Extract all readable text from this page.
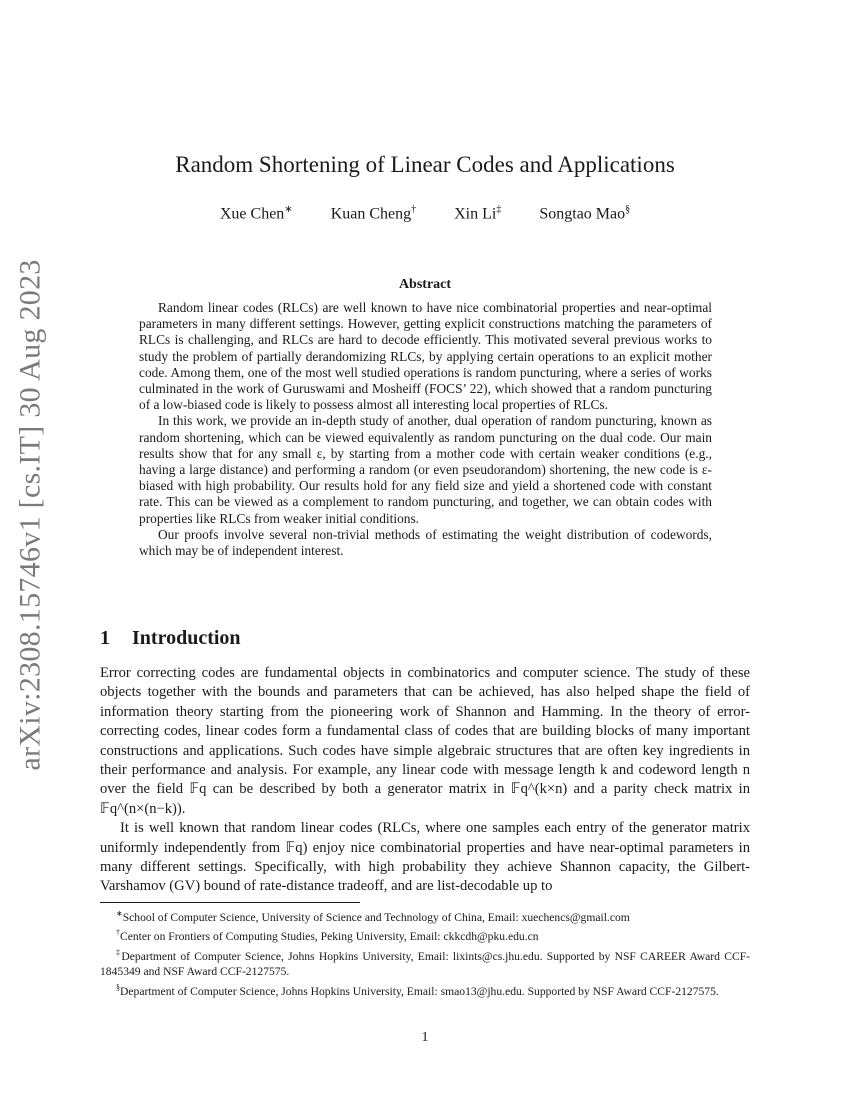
arXiv:2308.15746v1 [cs.IT] 30 Aug 2023
Random Shortening of Linear Codes and Applications
Xue Chen∗ Kuan Cheng† Xin Li‡ Songtao Mao§
Abstract

Random linear codes (RLCs) are well known to have nice combinatorial properties and near-optimal parameters in many different settings. However, getting explicit constructions matching the parameters of RLCs is challenging, and RLCs are hard to decode efficiently. This motivated several previous works to study the problem of partially derandomizing RLCs, by applying certain operations to an explicit mother code. Among them, one of the most well studied operations is random puncturing, where a series of works culminated in the work of Guruswami and Mosheiff (FOCS’ 22), which showed that a random puncturing of a low-biased code is likely to possess almost all interesting local properties of RLCs.

In this work, we provide an in-depth study of another, dual operation of random puncturing, known as random shortening, which can be viewed equivalently as random puncturing on the dual code. Our main results show that for any small ε, by starting from a mother code with certain weaker conditions (e.g., having a large distance) and performing a random (or even pseudorandom) shortening, the new code is ε-biased with high probability. Our results hold for any field size and yield a shortened code with constant rate. This can be viewed as a complement to random puncturing, and together, we can obtain codes with properties like RLCs from weaker initial conditions.

Our proofs involve several non-trivial methods of estimating the weight distribution of codewords, which may be of independent interest.

1 Introduction

Error correcting codes are fundamental objects in combinatorics and computer science. The study of these objects together with the bounds and parameters that can be achieved, has also helped shape the field of information theory starting from the pioneering work of Shannon and Hamming. In the theory of error-correcting codes, linear codes form a fundamental class of codes that are building blocks of many important constructions and applications. Such codes have simple algebraic structures that are often key ingredients in their performance and analysis. For example, any linear code with message length k and codeword length n over the field 𝔽q can be described by both a generator matrix in 𝔽q^(k×n) and a parity check matrix in 𝔽q^(n×(n−k)).

It is well known that random linear codes (RLCs, where one samples each entry of the generator matrix uniformly independently from 𝔽q) enjoy nice combinatorial properties and have near-optimal parameters in many different settings. Specifically, with high probability they achieve Shannon capacity, the Gilbert-Varshamov (GV) bound of rate-distance tradeoff, and are list-decodable up to

∗School of Computer Science, University of Science and Technology of China, Email: xuechencs@gmail.com

†Center on Frontiers of Computing Studies, Peking University, Email: ckkcdh@pku.edu.cn

‡Department of Computer Science, Johns Hopkins University, Email: lixints@cs.jhu.edu. Supported by NSF CAREER Award CCF-1845349 and NSF Award CCF-2127575.

§Department of Computer Science, Johns Hopkins University, Email: smao13@jhu.edu. Supported by NSF Award CCF-2127575.

1
